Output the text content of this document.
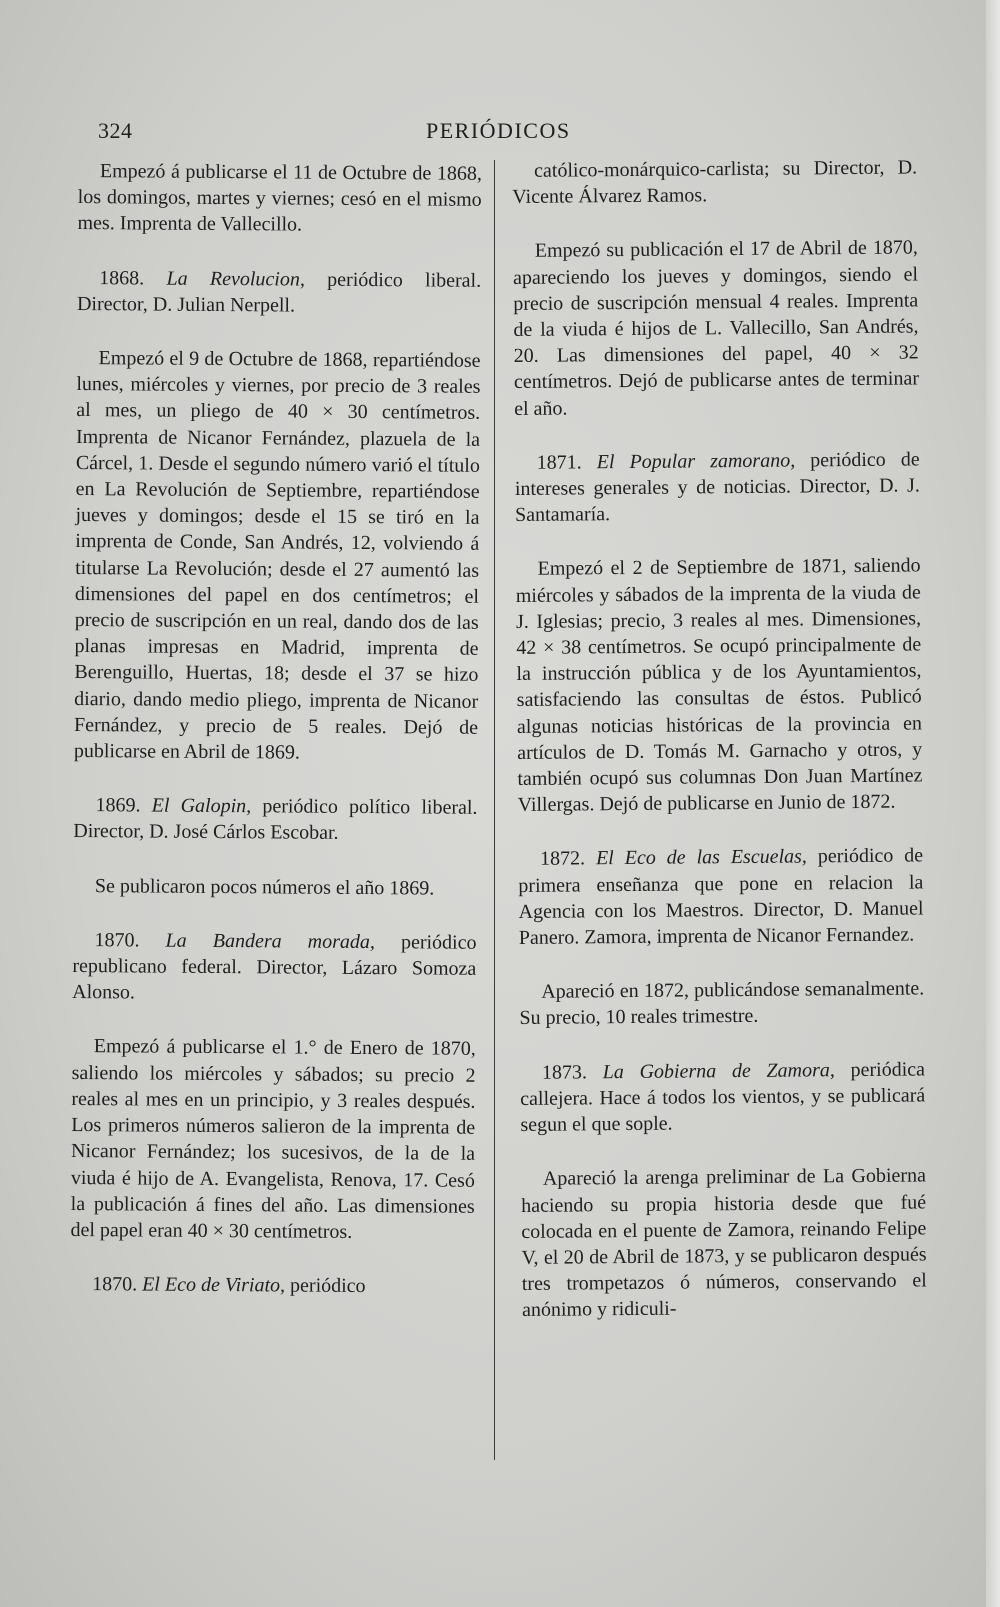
324	PERIÓDICOS

Empezó á publicarse el 11 de Octubre de 1868, los domingos, martes y viernes; cesó en el mismo mes. Imprenta de Vallecillo.

1868. La Revolucion, periódico liberal. Director, D. Julian Nerpell.

Empezó el 9 de Octubre de 1868, repartiéndose lunes, miércoles y viernes, por precio de 3 reales al mes, un pliego de 40 × 30 centímetros. Imprenta de Nicanor Fernández, plazuela de la Cárcel, 1. Desde el segundo número varió el título en La Revolución de Septiembre, repartiéndose jueves y domingos; desde el 15 se tiró en la imprenta de Conde, San Andrés, 12, volviendo á titularse La Revolución; desde el 27 aumentó las dimensiones del papel en dos centímetros; el precio de suscripción en un real, dando dos de las planas impresas en Madrid, imprenta de Berenguillo, Huertas, 18; desde el 37 se hizo diario, dando medio pliego, imprenta de Nicanor Fernández, y precio de 5 reales. Dejó de publicarse en Abril de 1869.

1869. El Galopin, periódico político liberal. Director, D. José Cárlos Escobar.

Se publicaron pocos números el año 1869.

1870. La Bandera morada, periódico republicano federal. Director, Lázaro Somoza Alonso.

Empezó á publicarse el 1.° de Enero de 1870, saliendo los miércoles y sábados; su precio 2 reales al mes en un principio, y 3 reales después. Los primeros números salieron de la imprenta de Nicanor Fernández; los sucesivos, de la de la viuda é hijo de A. Evangelista, Renova, 17. Cesó la publicación á fines del año. Las dimensiones del papel eran 40 × 30 centímetros.

1870. El Eco de Viriato, periódico

católico-monárquico-carlista; su Director, D. Vicente Álvarez Ramos.

Empezó su publicación el 17 de Abril de 1870, apareciendo los jueves y domingos, siendo el precio de suscripción mensual 4 reales. Imprenta de la viuda é hijos de L. Vallecillo, San Andrés, 20. Las dimensiones del papel, 40 × 32 centímetros. Dejó de publicarse antes de terminar el año.

1871. El Popular zamorano, periódico de intereses generales y de noticias. Director, D. J. Santamaría.

Empezó el 2 de Septiembre de 1871, saliendo miércoles y sábados de la imprenta de la viuda de J. Iglesias; precio, 3 reales al mes. Dimensiones, 42 × 38 centímetros. Se ocupó principalmente de la instrucción pública y de los Ayuntamientos, satisfaciendo las consultas de éstos. Publicó algunas noticias históricas de la provincia en artículos de D. Tomás M. Garnacho y otros, y también ocupó sus columnas Don Juan Martínez Villergas. Dejó de publicarse en Junio de 1872.

1872. El Eco de las Escuelas, periódico de primera enseñanza que pone en relacion la Agencia con los Maestros. Director, D. Manuel Panero. Zamora, imprenta de Nicanor Fernandez.

Apareció en 1872, publicándose semanalmente. Su precio, 10 reales trimestre.

1873. La Gobierna de Zamora, periódica callejera. Hace á todos los vientos, y se publicará segun el que sople.

Apareció la arenga preliminar de La Gobierna haciendo su propia historia desde que fué colocada en el puente de Zamora, reinando Felipe V, el 20 de Abril de 1873, y se publicaron después tres trompetazos ó números, conservando el anónimo y ridiculi-
